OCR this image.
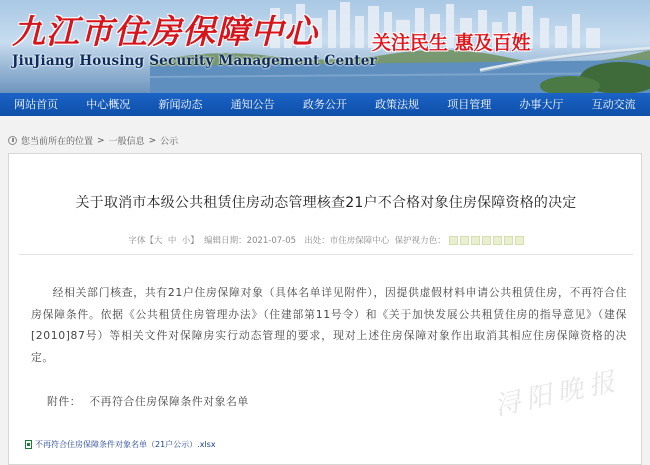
九江市住房保障中心
JiuJiang Housing Security Management Center
关注民生 惠及百姓
网站首页	中心概况	新闻动态	通知公告	政务公开	政策法规	项目管理	办事大厅	互动交流
您当前所在的位置 > 一般信息 > 公示
关于取消市本级公共租赁住房动态管理核查21户不合格对象住房保障资格的决定
字体【大 中 小】 编辑日期：2021-07-05 出处：市住房保障中心 保护视力色：
经相关部门核查，共有21户住房保障对象（具体名单详见附件），因提供虚假材料申请公共租赁住房，不再符合住房保障条件。依据《公共租赁住房管理办法》（住建部第11号令）和《关于加快发展公共租赁住房的指导意见》（建保[2010]87号）等相关文件对保障房实行动态管理的要求，现对上述住房保障对象作出取消其相应住房保障资格的决定。
附件： 不再符合住房保障条件对象名单
不再符合住房保障条件对象名单（21户公示）.xlsx
浔阳晚报
